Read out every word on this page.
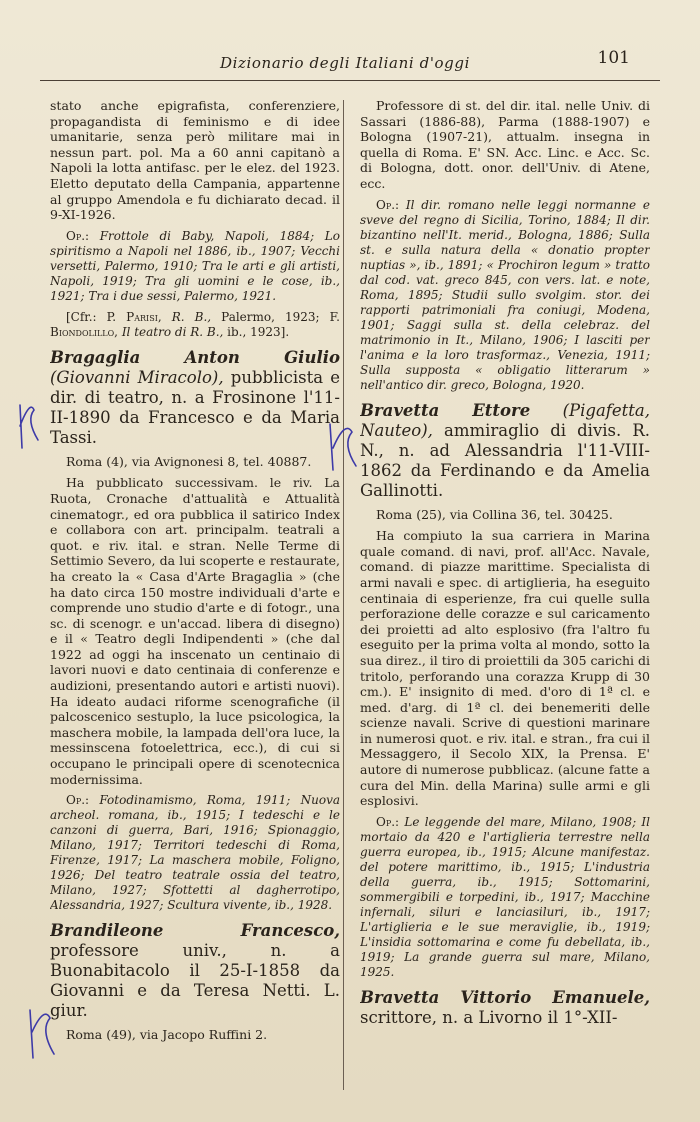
Dizionario degli Italiani d'oggi	101

stato anche epigrafista, conferenziere, propagandista di feminismo e di idee umanitarie, senza però militare mai in nessun part. pol. Ma a 60 anni capitanò a Napoli la lotta antifasc. per le elez. del 1923. Elettо deputato della Campania, appartenne al gruppo Amendola e fu dichiarato decad. il 9-XI-1926.

Op.: Frottole di Baby, Napoli, 1884; Lo spiritismo a Napoli nel 1886, ib., 1907; Vecchi versetti, Palermo, 1910; Tra le arti e gli artisti, Napoli, 1919; Tra gli uomini e le cose, ib., 1921; Tra i due sessi, Palermo, 1921.

[Cfr.: P. Parisi, R. B., Palermo, 1923; F. Biondolillo, Il teatro di R. B., ib., 1923].

Bragaglia Anton Giulio (Giovanni Miracolo), pubblicista e dir. di teatro, n. a Frosinone l'11-II-1890 da Francesco e da Maria Tassi.

Roma (4), via Avignonesi 8, tel. 40887.

Ha pubblicato successivam. le riv. La Ruota, Cronache d'attualità e Attualità cinematogr., ed ora pubblica il satirico Index e collabora con art. principalm. teatrali a quot. e riv. ital. e stran. Nelle Terme di Settimio Severo, da lui scoperte e restaurate, ha creato la « Casa d'Arte Bragaglia » (che ha dato circa 150 mostre individuali d'arte e comprende uno studio d'arte e di fotogr., una sc. di scenogr. e un'accad. libera di disegno) e il « Teatro degli Indipendenti » (che dal 1922 ad oggi ha inscenato un centinaio di lavori nuovi e dato centinaia di conferenze e audizioni, presentando autori e artisti nuovi). Ha ideato audaci riforme scenografiche (il palcoscenico sestuplo, la luce psicologica, la maschera mobile, la lampada dell'ora luce, la messinscena fotoelettrica, ecc.), di cui si occupano le principali opere di scenotecnica modernissima.

Op.: Fotodinamismo, Roma, 1911; Nuova archeol. romana, ib., 1915; I tedeschi e le canzoni di guerra, Bari, 1916; Spionaggio, Milano, 1917; Territori tedeschi di Roma, Firenze, 1917; La maschera mobile, Foligno, 1926; Del teatro teatrale ossia del teatro, Milano, 1927; Sfottetti al dagherrotipo, Alessandria, 1927; Scultura vivente, ib., 1928.

Brandileone Francesco, professore univ., n. a Buonabitacolo il 25-I-1858 da Giovanni e da Teresa Netti. L. giur.

Roma (49), via Jacopo Ruffini 2.

Professore di st. del dir. ital. nelle Univ. di Sassari (1886-88), Parma (1888-1907) e Bologna (1907-21), attualm. insegna in quella di Roma. E' SN. Acc. Linc. e Acc. Sc. di Bologna, dott. onor. dell'Univ. di Atene, ecc.

Op.: Il dir. romano nelle leggi normanne e sveve del regno di Sicilia, Torino, 1884; Il dir. bizantino nell'It. merid., Bologna, 1886; Sulla st. e sulla natura della « donatio propter nuptias », ib., 1891; « Prochiron legum » tratto dal cod. vat. greco 845, con vers. lat. e note, Roma, 1895; Studii sullo svolgim. stor. dei rapporti patrimoniali fra coniugi, Modena, 1901; Saggi sulla st. della celebraz. del matrimonio in It., Milano, 1906; I lasciti per l'anima e la loro trasformaz., Venezia, 1911; Sulla supposta « obligatio litterarum » nell'antico dir. greco, Bologna, 1920.

Bravetta Ettore (Pigafetta, Nauteo), ammiraglio di divis. R. N., n. ad Alessandria l'11-VIII-1862 da Ferdinando e da Amelia Gallinotti.

Roma (25), via Collina 36, tel. 30425.

Ha compiuto la sua carriera in Marina quale comand. di navi, prof. all'Acc. Navale, comand. di piazze marittime. Specialista di armi navali e spec. di artiglieria, ha eseguito centinaia di esperienze, fra cui quelle sulla perforazione delle corazze e sul caricamento dei proietti ad alto esplosivo (fra l'altro fu eseguito per la prima volta al mondo, sotto la sua direz., il tiro di proiettili da 305 carichi di tritolo, perforando una corazza Krupp di 30 cm.). E' insignito di med. d'oro di 1ª cl. e med. d'arg. di 1ª cl. dei benemeriti delle scienze navali. Scrive di questioni marinare in numerosi quot. e riv. ital. e stran., fra cui il Messaggero, il Secolo XIX, la Prensa. E' autore di numerose pubblicaz. (alcune fatte a cura del Min. della Marina) sulle armi e gli esplosivi.

Op.: Le leggende del mare, Milano, 1908; Il mortaio da 420 e l'artiglieria terrestre nella guerra europea, ib., 1915; Alcune manifestaz. del potere marittimo, ib., 1915; L'industria della guerra, ib., 1915; Sottomarini, sommergibili e torpedini, ib., 1917; Macchine infernali, siluri e lanciasiluri, ib., 1917; L'artiglieria e le sue meraviglie, ib., 1919; L'insidia sottomarina e come fu debellata, ib., 1919; La grande guerra sul mare, Milano, 1925.

Bravetta Vittorio Emanuele, scrittore, n. a Livorno il 1°-XII-
